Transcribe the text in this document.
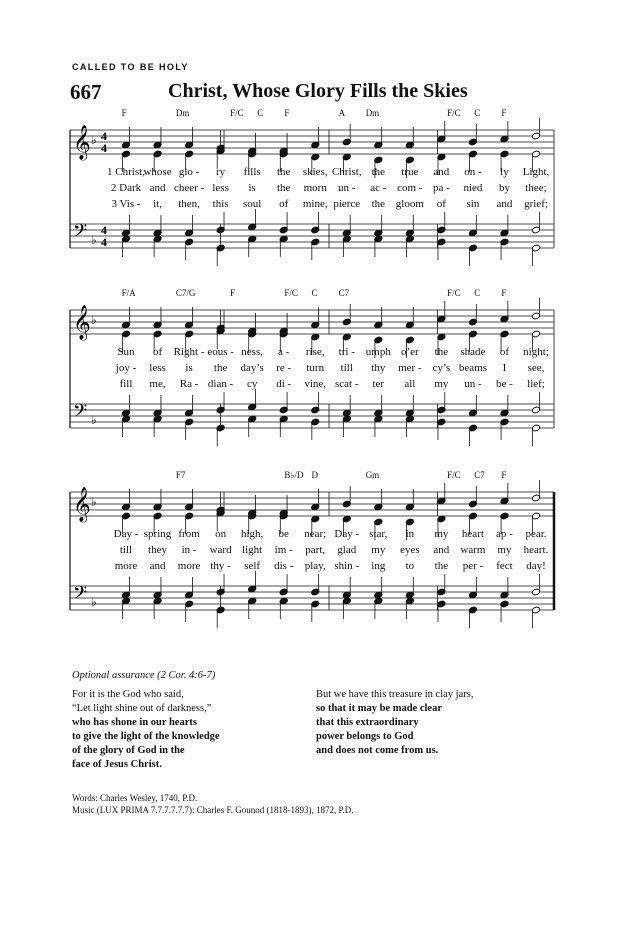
CALLED TO BE HOLY
667	Christ, Whose Glory Fills the Skies
𝄞
𝄢
♭
♭
4
4
4
4
F	Dm	F/C C F	A Dm	F/C C F
1 Christ,
whose glo - ry fills the skies, Christ, the true and on - ly Light,
2 Dark and cheer - less is the morn un - ac - com - pa - nied by thee;
3 Vis - it, then, this soul of mine, pierce the gloom of sin and grief;
𝄞
𝄢
♭
♭
F/A	C7/G	F	F/C C C7	F/C C F
Sun of Right - eous - ness, a - rise, tri - umph o’er the shade of night;
joy - less is the day’s re - turn till thy mer - cy’s beams I see,
fill me, Ra - dian - cy di - vine, scat - ter all my un - be - lief;
𝄞
𝄢
♭
♭
F7	B♭/D D	Gm	F/C C7 F
Day - spring from on high, be near; Day - star, in my heart ap - pear.
till they in - ward light im - part, glad my eyes and warm my heart.
more and more thy - self dis - play, shin - ing to the per - fect day!
Optional assurance (2 Cor. 4:6-7)
For it is the God who said,
“Let light shine out of darkness,”
who has shone in our hearts
to give the light of the knowledge
of the glory of God in the
face of Jesus Christ.
But we have this treasure in clay jars,
so that it may be made clear
that this extraordinary
power belongs to God
and does not come from us.
Words: Charles Wesley, 1740, P.D.
Music (LUX PRIMA 7.7.7.7.7.7): Charles F. Gounod (1818-1893), 1872, P.D.
